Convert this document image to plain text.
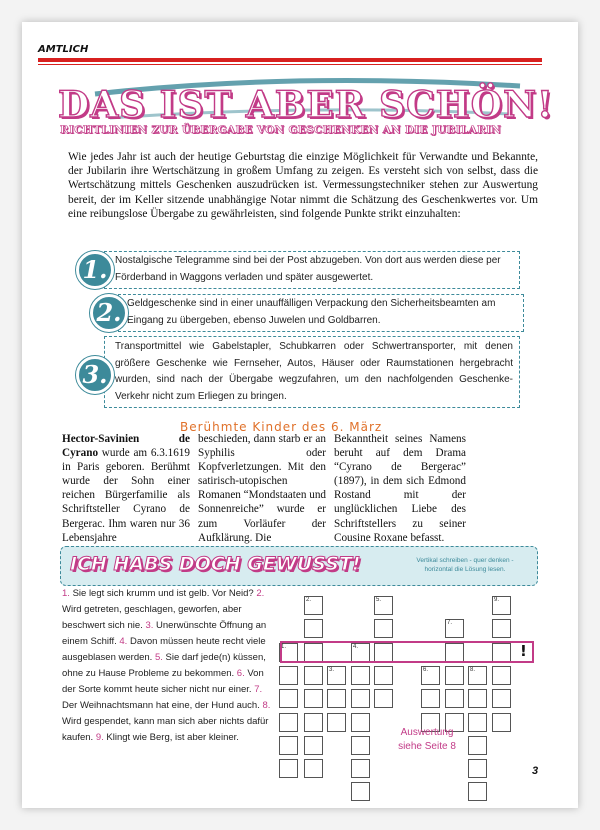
AMTLICH
DAS IST ABER SCHÖN!
RICHTLINIEN ZUR ÜBERGABE VON GESCHENKEN AN DIE JUBILARIN
Wie jedes Jahr ist auch der heutige Geburtstag die einzige Möglichkeit für Verwandte und Bekannte, der Jubilarin ihre Wertschätzung in großem Umfang zu zeigen. Es versteht sich von selbst, dass die Wertschätzung mittels Geschenken auszudrücken ist. Vermessungstechniker stehen zur Auswertung bereit, der im Keller sitzende unabhängige Notar nimmt die Schätzung des Geschenkwertes vor. Um eine reibungslose Übergabe zu gewährleisten, sind folgende Punkte strikt einzuhalten:
Nostalgische Telegramme sind bei der Post abzugeben. Von dort aus werden diese per Förderband in Waggons verladen und später ausgewertet.
1.
Geldgeschenke sind in einer unauffälligen Verpackung den Sicherheitsbeamten am Eingang zu übergeben, ebenso Juwelen und Goldbarren.
2.
Transportmittel wie Gabelstapler, Schubkarren oder Schwertransporter, mit denen größere Geschenke wie Fernseher, Autos, Häuser oder Raumstationen hergebracht wurden, sind nach der Übergabe wegzufahren, um den nachfolgenden Geschenke-Verkehr nicht zum Erliegen zu bringen.
3.
Berühmte Kinder des 6. März
Hector-Savinien de Cyrano wurde am 6.3.1619 in Paris geboren. Berühmt wurde der Sohn einer reichen Bürgerfamilie als Schriftsteller Cyrano de Bergerac. Ihm waren nur 36 Lebensjahre
beschieden, dann starb er an Syphilis oder Kopfverletzungen. Mit den satirisch-utopischen Romanen “Mondstaaten und Sonnenreiche” wurde er zum Vorläufer der Aufklärung. Die
Bekanntheit seines Namens beruht auf dem Drama “Cyrano de Bergerac” (1897), in dem sich Edmond Rostand mit der unglücklichen Liebe des Schriftstellers zu seiner Cousine Roxane befasst.
ICH HABS DOCH GEWUSST!	Vertikal schreiben - quer denken - horizontal die Lösung lesen.
1. Sie legt sich krumm und ist gelb. Vor Neid? 2. Wird getreten, geschlagen, geworfen, aber beschwert sich nie. 3. Unerwünschte Öffnung an einem Schiff. 4. Davon müssen heute recht viele ausgeblasen werden. 5. Sie darf jede(n) küssen, ohne zu Hause Probleme zu bekommen. 6. Von der Sorte kommt heute sicher nicht nur einer. 7. Der Weihnachtsmann hat eine, der Hund auch. 8. Wird gespendet, kann man sich aber nichts dafür kaufen. 9. Klingt wie Berg, ist aber kleiner.
1.
2.
3.
4.
5.
6.
7.
8.
9.
!
Auswertung siehe Seite 8
3
